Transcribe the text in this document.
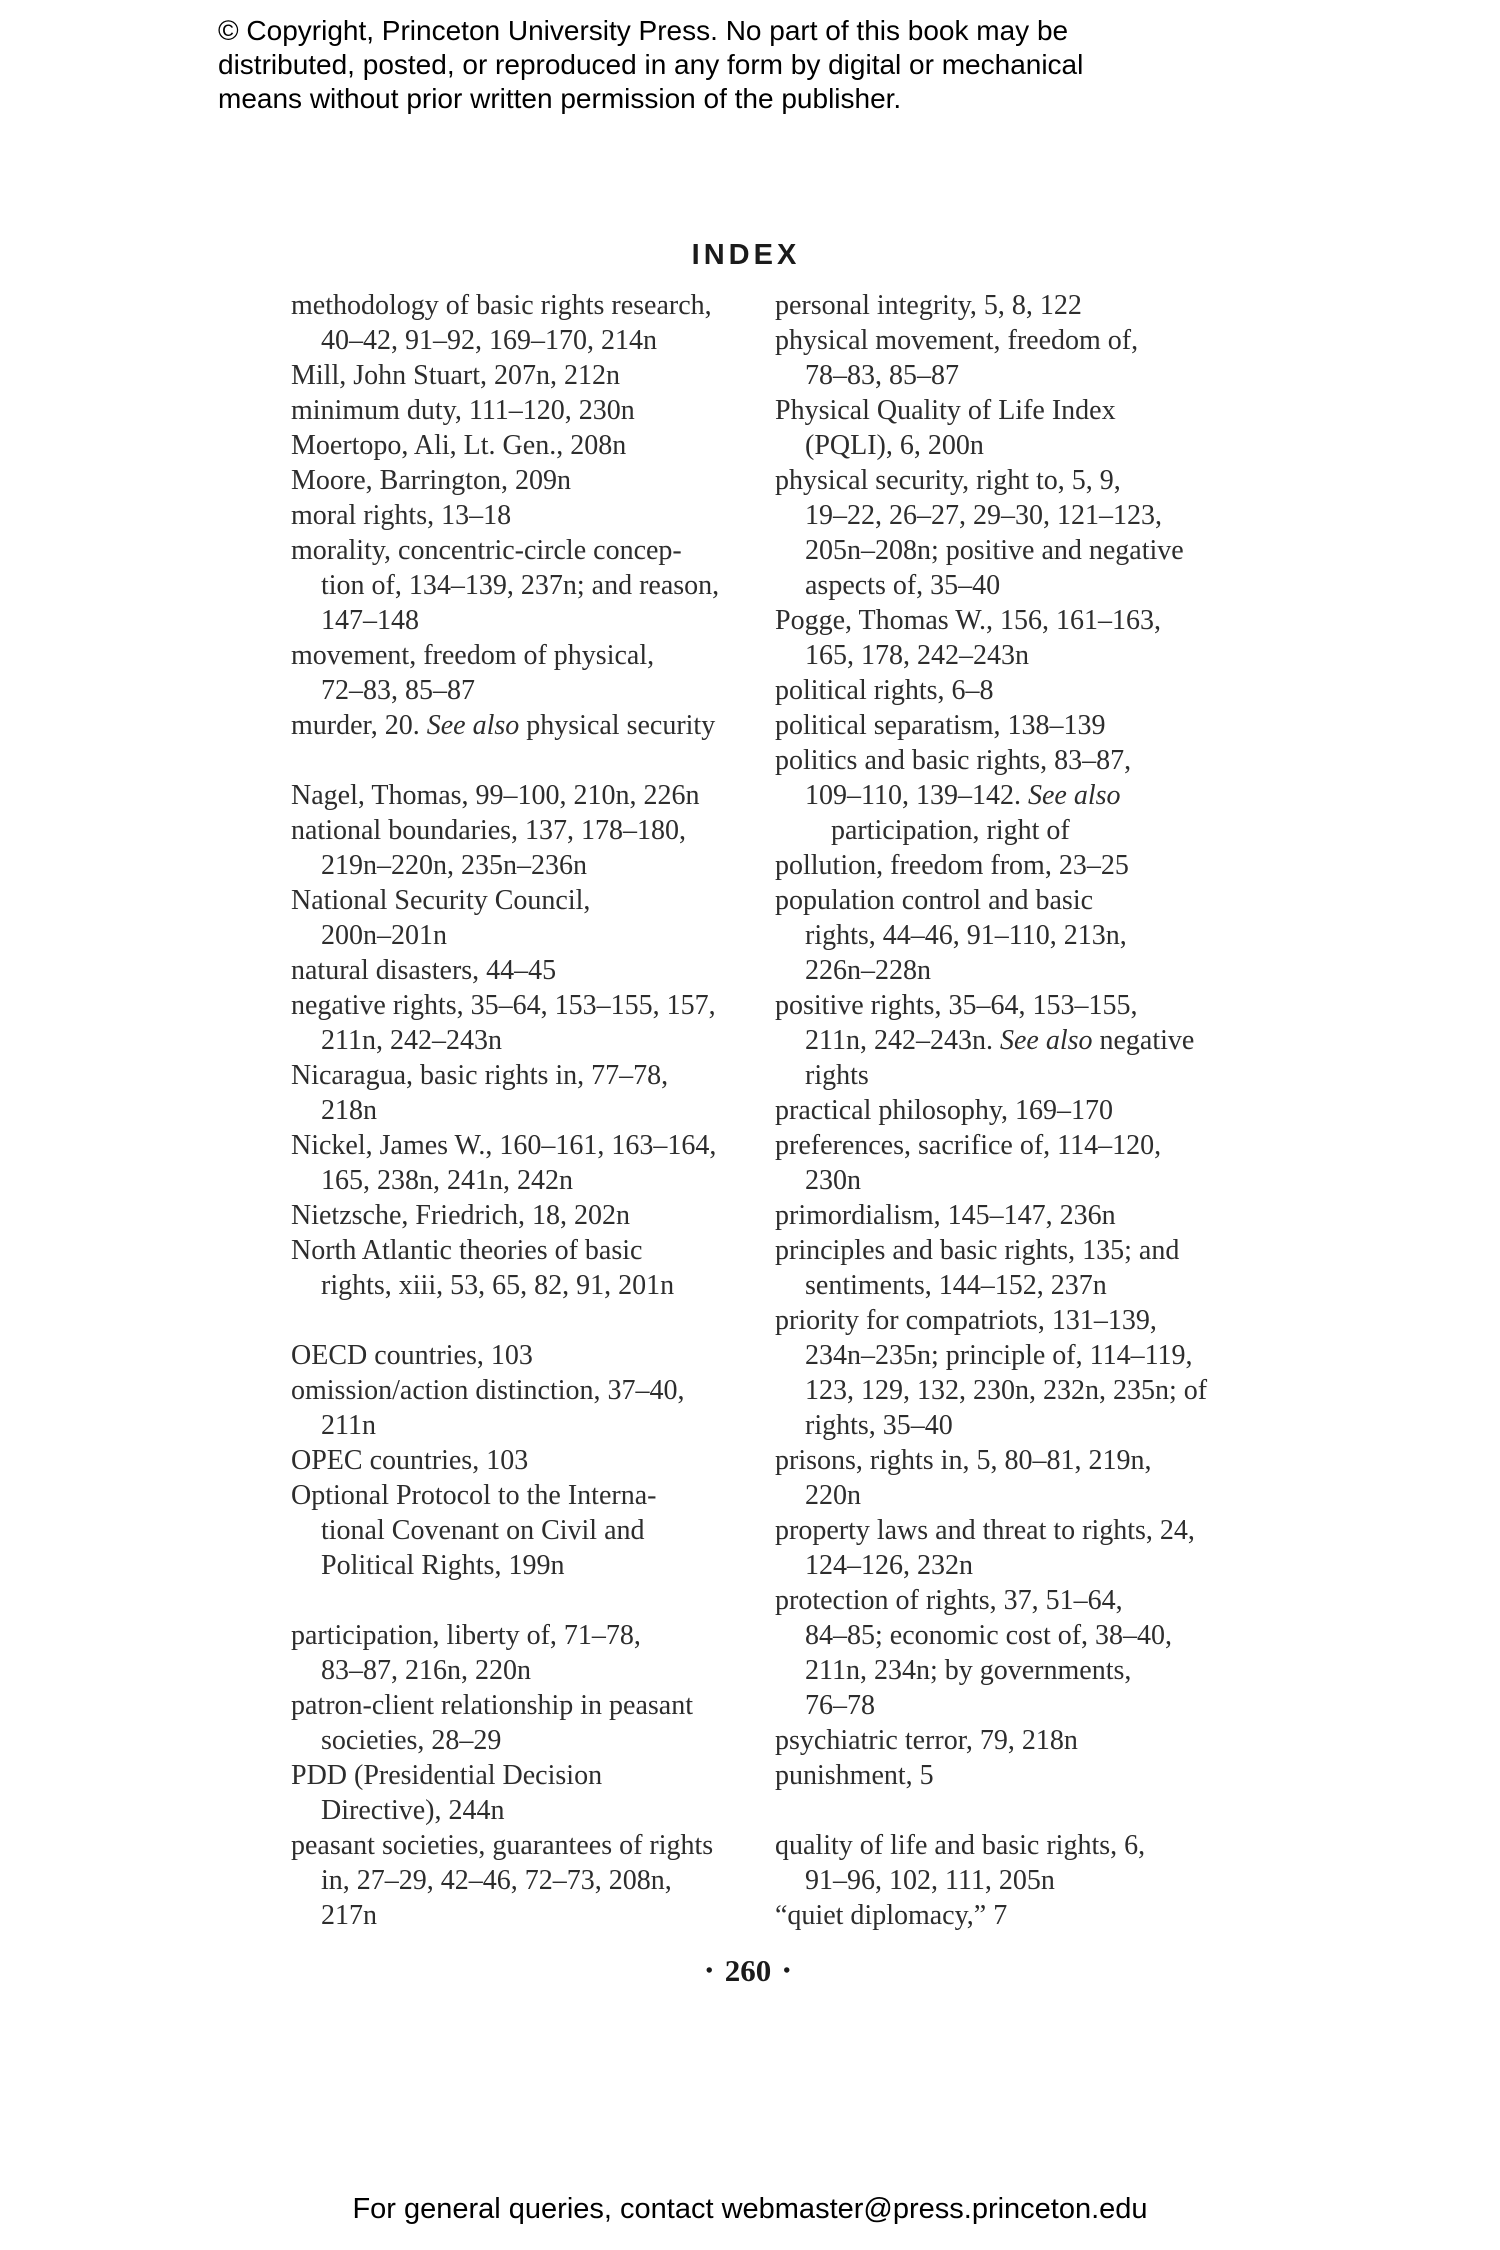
© Copyright, Princeton University Press. No part of this book may be
distributed, posted, or reproduced in any form by digital or mechanical
means without prior written permission of the publisher.
INDEX
methodology of basic rights research,
40–42, 91–92, 169–170, 214n
Mill, John Stuart, 207n, 212n
minimum duty, 111–120, 230n
Moertopo, Ali, Lt. Gen., 208n
Moore, Barrington, 209n
moral rights, 13–18
morality, concentric-circle concep-
tion of, 134–139, 237n; and reason,
147–148
movement, freedom of physical,
72–83, 85–87
murder, 20. See also physical security
Nagel, Thomas, 99–100, 210n, 226n
national boundaries, 137, 178–180,
219n–220n, 235n–236n
National Security Council,
200n–201n
natural disasters, 44–45
negative rights, 35–64, 153–155, 157,
211n, 242–243n
Nicaragua, basic rights in, 77–78,
218n
Nickel, James W., 160–161, 163–164,
165, 238n, 241n, 242n
Nietzsche, Friedrich, 18, 202n
North Atlantic theories of basic
rights, xiii, 53, 65, 82, 91, 201n
OECD countries, 103
omission/action distinction, 37–40,
211n
OPEC countries, 103
Optional Protocol to the Interna-
tional Covenant on Civil and
Political Rights, 199n
participation, liberty of, 71–78,
83–87, 216n, 220n
patron-client relationship in peasant
societies, 28–29
PDD (Presidential Decision
Directive), 244n
peasant societies, guarantees of rights
in, 27–29, 42–46, 72–73, 208n,
217n
personal integrity, 5, 8, 122
physical movement, freedom of,
78–83, 85–87
Physical Quality of Life Index
(PQLI), 6, 200n
physical security, right to, 5, 9,
19–22, 26–27, 29–30, 121–123,
205n–208n; positive and negative
aspects of, 35–40
Pogge, Thomas W., 156, 161–163,
165, 178, 242–243n
political rights, 6–8
political separatism, 138–139
politics and basic rights, 83–87,
109–110, 139–142. See also
participation, right of
pollution, freedom from, 23–25
population control and basic
rights, 44–46, 91–110, 213n,
226n–228n
positive rights, 35–64, 153–155,
211n, 242–243n. See also negative
rights
practical philosophy, 169–170
preferences, sacrifice of, 114–120,
230n
primordialism, 145–147, 236n
principles and basic rights, 135; and
sentiments, 144–152, 237n
priority for compatriots, 131–139,
234n–235n; principle of, 114–119,
123, 129, 132, 230n, 232n, 235n; of
rights, 35–40
prisons, rights in, 5, 80–81, 219n,
220n
property laws and threat to rights, 24,
124–126, 232n
protection of rights, 37, 51–64,
84–85; economic cost of, 38–40,
211n, 234n; by governments,
76–78
psychiatric terror, 79, 218n
punishment, 5
quality of life and basic rights, 6,
91–96, 102, 111, 205n
“quiet diplomacy,” 7
• 260 •
For general queries, contact webmaster@press.princeton.edu
